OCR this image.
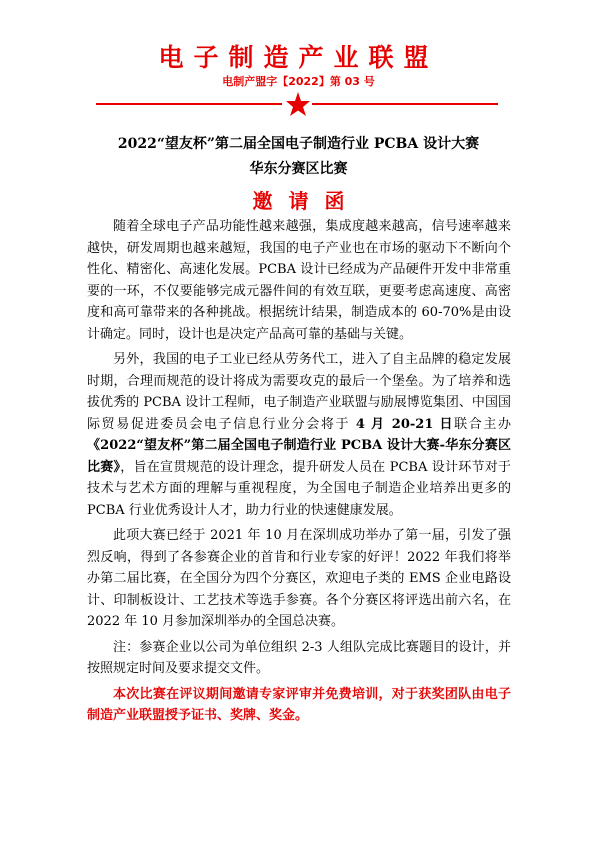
电子制造产业联盟
电制产盟字【2022】第 03 号
2022“望友杯”第二届全国电子制造行业 PCBA 设计大赛
华东分赛区比赛
邀请函

随着全球电子产品功能性越来越强，集成度越来越高，信号速率越来越快，研发周期也越来越短，我国的电子产业也在市场的驱动下不断向个性化、精密化、高速化发展。PCBA 设计已经成为产品硬件开发中非常重要的一环，不仅要能够完成元器件间的有效互联，更要考虑高速度、高密度和高可靠带来的各种挑战。根据统计结果，制造成本的 60-70%是由设计确定。同时，设计也是决定产品高可靠的基础与关键。

另外，我国的电子工业已经从劳务代工，进入了自主品牌的稳定发展时期，合理而规范的设计将成为需要攻克的最后一个堡垒。为了培养和选拔优秀的 PCBA 设计工程师，电子制造产业联盟与励展博览集团、中国国际贸易促进委员会电子信息行业分会将于 4 月 20-21 日联合主办《2022“望友杯”第二届全国电子制造行业 PCBA 设计大赛-华东分赛区比赛》，旨在宣贯规范的设计理念，提升研发人员在 PCBA 设计环节对于技术与艺术方面的理解与重视程度，为全国电子制造企业培养出更多的 PCBA 行业优秀设计人才，助力行业的快速健康发展。

此项大赛已经于 2021 年 10 月在深圳成功举办了第一届，引发了强烈反响，得到了各参赛企业的首肯和行业专家的好评！2022 年我们将举办第二届比赛，在全国分为四个分赛区，欢迎电子类的 EMS 企业电路设计、印制板设计、工艺技术等选手参赛。各个分赛区将评选出前六名，在 2022 年 10 月参加深圳举办的全国总决赛。

注：参赛企业以公司为单位组织 2-3 人组队完成比赛题目的设计，并按照规定时间及要求提交文件。

本次比赛在评议期间邀请专家评审并免费培训，对于获奖团队由电子制造产业联盟授予证书、奖牌、奖金。
